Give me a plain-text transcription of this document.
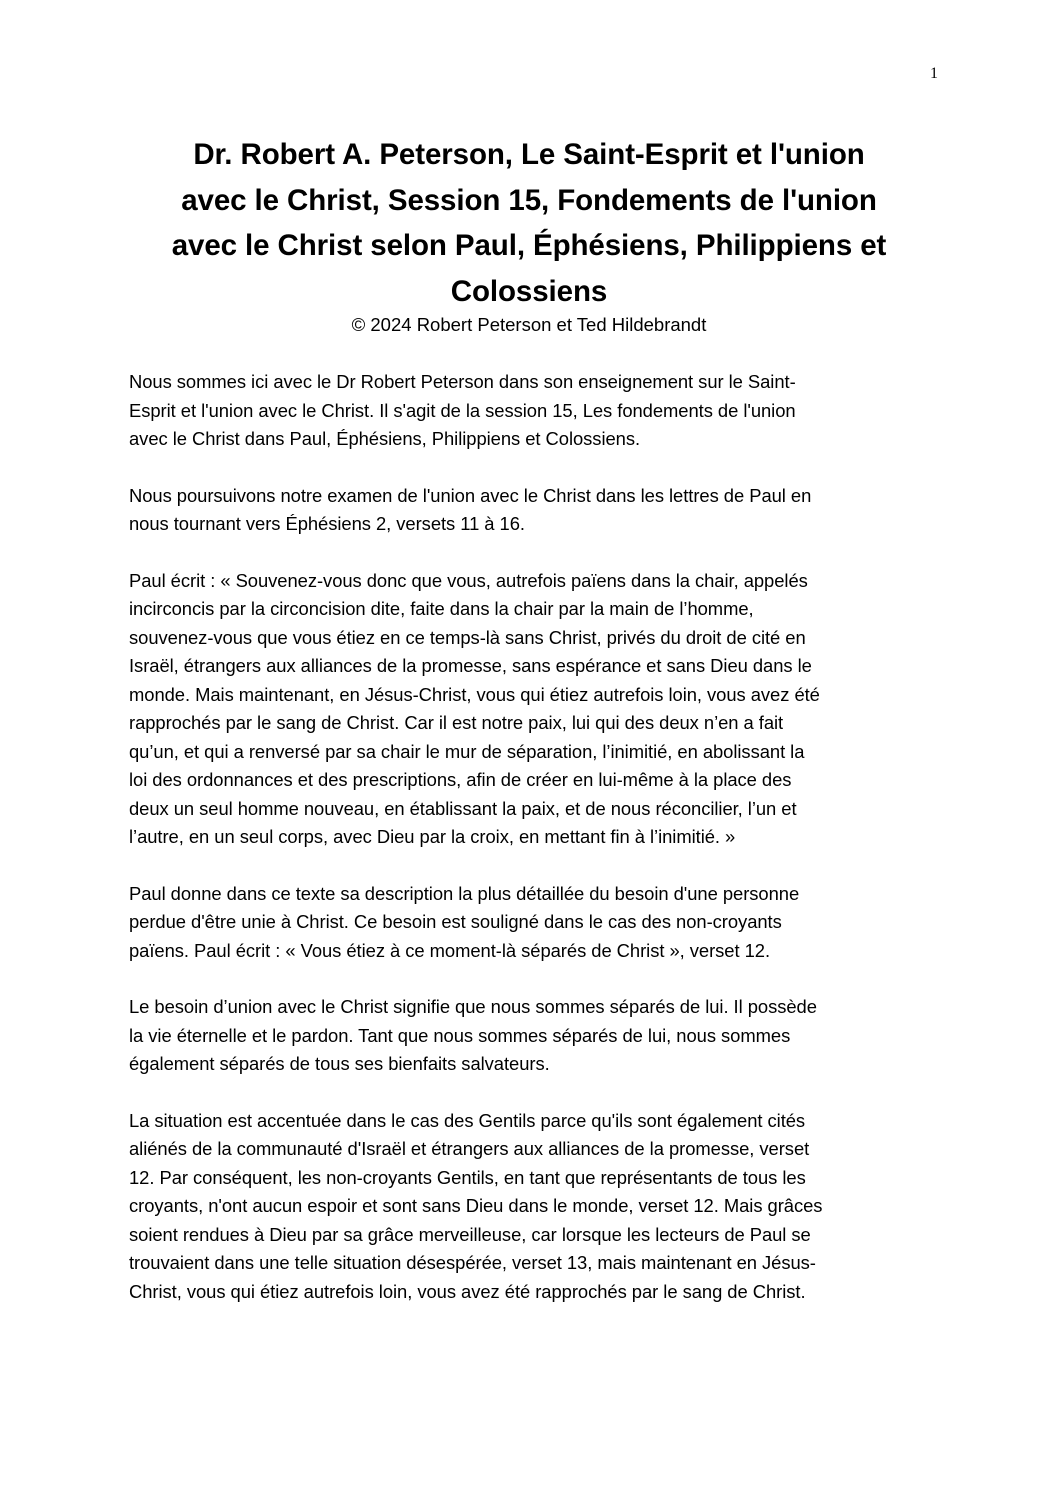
1
Dr. Robert A. Peterson, Le Saint-Esprit et l'union
avec le Christ, Session 15, Fondements de l'union
avec le Christ selon Paul, Éphésiens, Philippiens et
Colossiens
© 2024 Robert Peterson et Ted Hildebrandt

Nous sommes ici avec le Dr Robert Peterson dans son enseignement sur le Saint-
Esprit et l'union avec le Christ. Il s'agit de la session 15, Les fondements de l'union
avec le Christ dans Paul, Éphésiens, Philippiens et Colossiens.

Nous poursuivons notre examen de l'union avec le Christ dans les lettres de Paul en
nous tournant vers Éphésiens 2, versets 11 à 16.

Paul écrit : « Souvenez-vous donc que vous, autrefois païens dans la chair, appelés
incirconcis par la circoncision dite, faite dans la chair par la main de l’homme,
souvenez-vous que vous étiez en ce temps-là sans Christ, privés du droit de cité en
Israël, étrangers aux alliances de la promesse, sans espérance et sans Dieu dans le
monde. Mais maintenant, en Jésus-Christ, vous qui étiez autrefois loin, vous avez été
rapprochés par le sang de Christ. Car il est notre paix, lui qui des deux n’en a fait
qu’un, et qui a renversé par sa chair le mur de séparation, l’inimitié, en abolissant la
loi des ordonnances et des prescriptions, afin de créer en lui-même à la place des
deux un seul homme nouveau, en établissant la paix, et de nous réconcilier, l’un et
l’autre, en un seul corps, avec Dieu par la croix, en mettant fin à l’inimitié. »

Paul donne dans ce texte sa description la plus détaillée du besoin d'une personne
perdue d'être unie à Christ. Ce besoin est souligné dans le cas des non-croyants
païens. Paul écrit : « Vous étiez à ce moment-là séparés de Christ », verset 12.

Le besoin d’union avec le Christ signifie que nous sommes séparés de lui. Il possède
la vie éternelle et le pardon. Tant que nous sommes séparés de lui, nous sommes
également séparés de tous ses bienfaits salvateurs.

La situation est accentuée dans le cas des Gentils parce qu'ils sont également cités
aliénés de la communauté d'Israël et étrangers aux alliances de la promesse, verset
12. Par conséquent, les non-croyants Gentils, en tant que représentants de tous les
croyants, n'ont aucun espoir et sont sans Dieu dans le monde, verset 12. Mais grâces
soient rendues à Dieu par sa grâce merveilleuse, car lorsque les lecteurs de Paul se
trouvaient dans une telle situation désespérée, verset 13, mais maintenant en Jésus-
Christ, vous qui étiez autrefois loin, vous avez été rapprochés par le sang de Christ.
